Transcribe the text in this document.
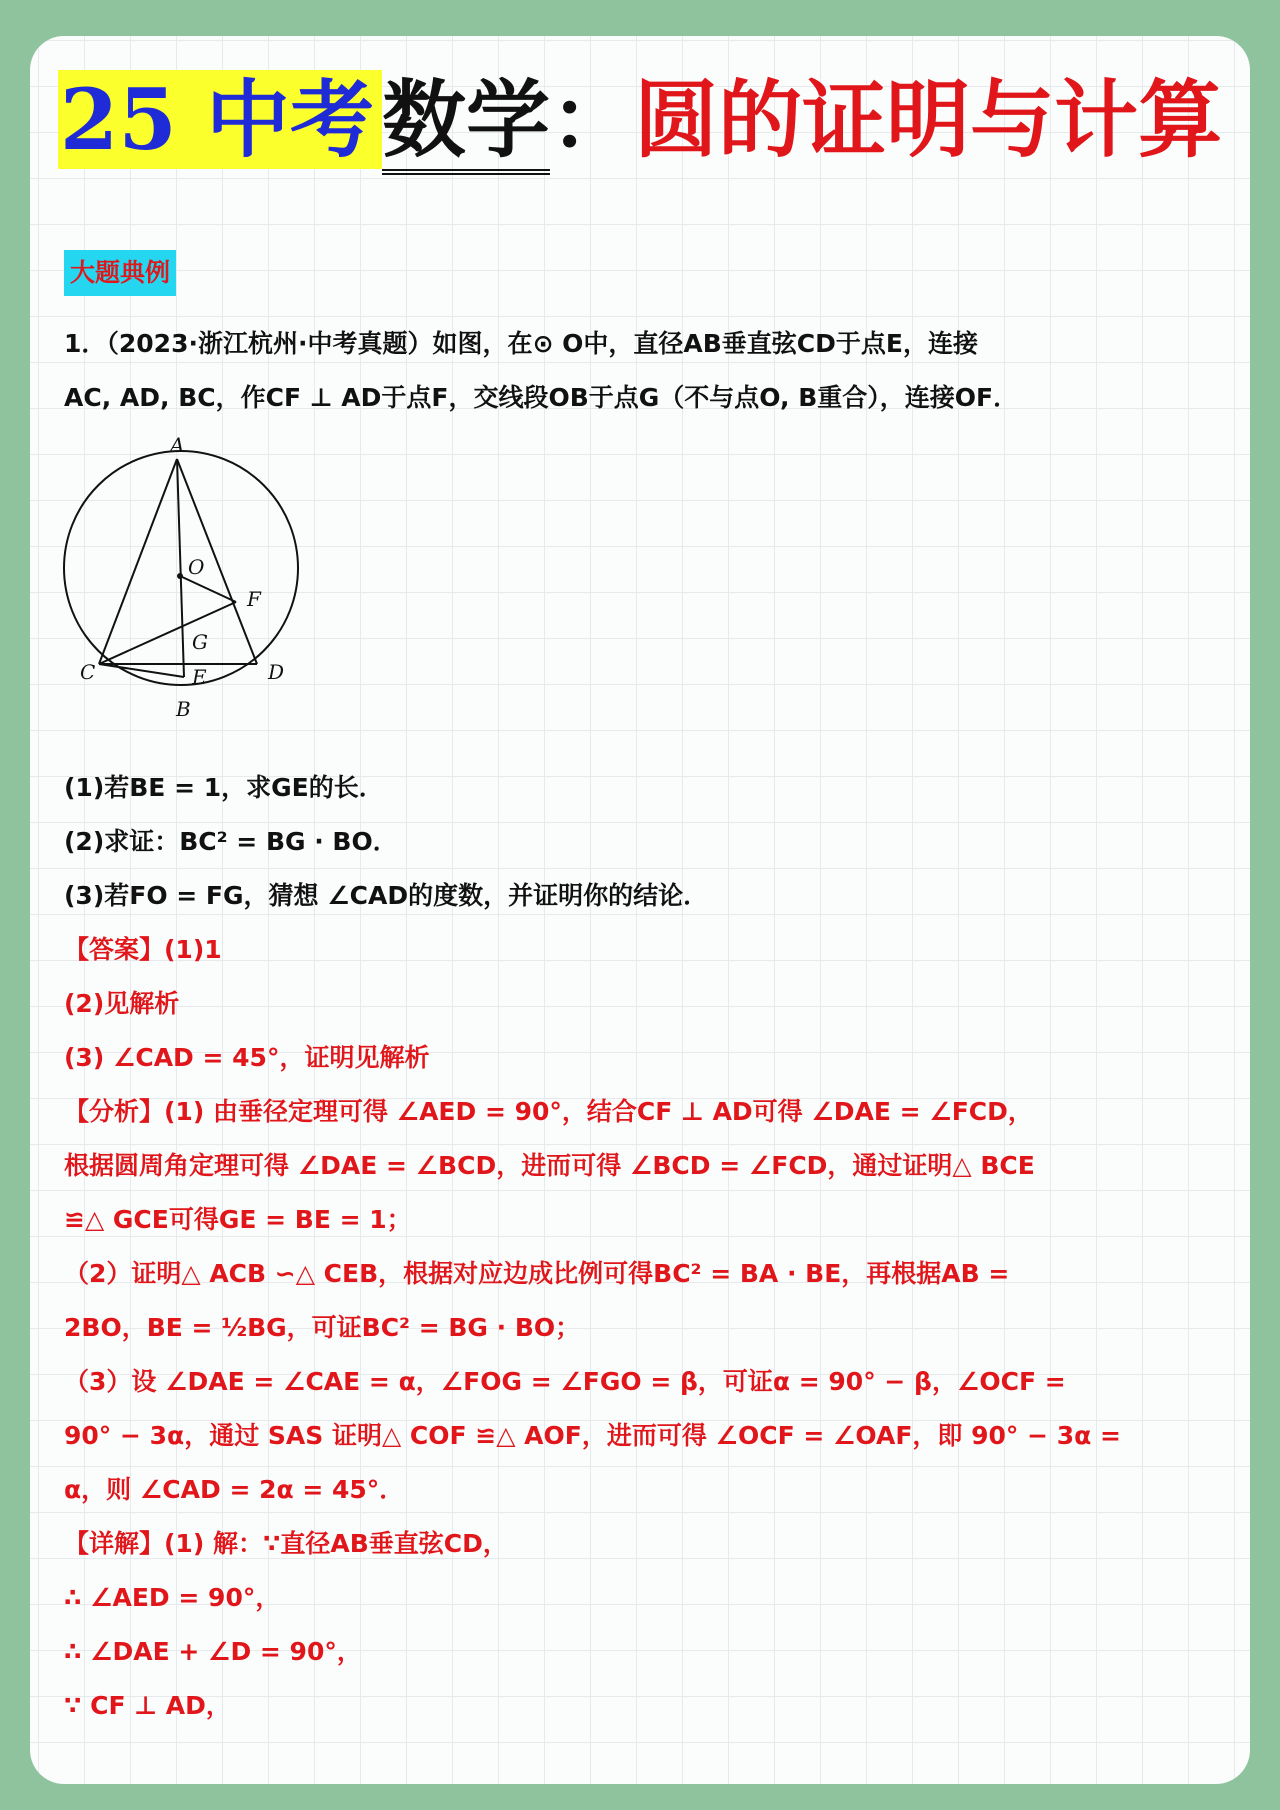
25 中考数学：圆的证明与计算
大题典例
1．（2023·浙江杭州·中考真题）如图，在⊙ O中，直径AB垂直弦CD于点E，连接
AC, AD, BC，作CF ⊥ AD于点F，交线段OB于点G（不与点O, B重合），连接OF．
A
O
F
G
C	E	D
B
(1)若BE = 1，求GE的长．
(2)求证：BC² = BG · BO．
(3)若FO = FG，猜想 ∠CAD的度数，并证明你的结论．
【答案】(1)1
(2)见解析
(3) ∠CAD = 45°，证明见解析
【分析】(1) 由垂径定理可得 ∠AED = 90°，结合CF ⊥ AD可得 ∠DAE = ∠FCD，
根据圆周角定理可得 ∠DAE = ∠BCD，进而可得 ∠BCD = ∠FCD，通过证明△ BCE
≌△ GCE可得GE = BE = 1；
（2）证明△ ACB ∽△ CEB，根据对应边成比例可得BC² = BA · BE，再根据AB =
2BO，BE = ½BG，可证BC² = BG · BO；
（3）设 ∠DAE = ∠CAE = α，∠FOG = ∠FGO = β，可证α = 90° − β，∠OCF =
90° − 3α，通过 SAS 证明△ COF ≌△ AOF，进而可得 ∠OCF = ∠OAF，即 90° − 3α =
α，则 ∠CAD = 2α = 45°．
【详解】(1) 解：∵直径AB垂直弦CD，
∴ ∠AED = 90°，
∴ ∠DAE + ∠D = 90°，
∵ CF ⊥ AD，
